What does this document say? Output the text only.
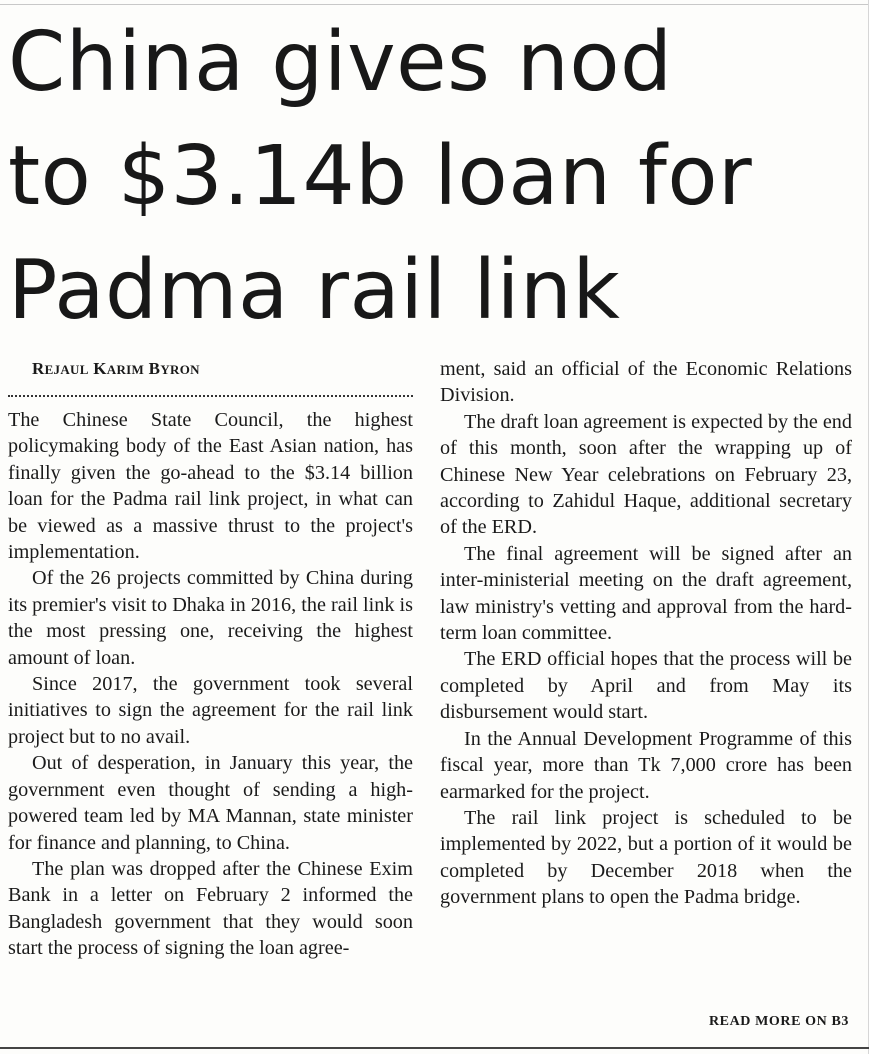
China gives nod
to $3.14b loan for
Padma rail link

REJAUL KARIM BYRON

The Chinese State Council, the highest policymaking body of the East Asian nation, has finally given the go-ahead to the $3.14 billion loan for the Padma rail link project, in what can be viewed as a massive thrust to the project's implementation.

Of the 26 projects committed by China during its premier's visit to Dhaka in 2016, the rail link is the most pressing one, receiving the highest amount of loan.

Since 2017, the government took several initiatives to sign the agreement for the rail link project but to no avail.

Out of desperation, in January this year, the government even thought of sending a high-powered team led by MA Mannan, state minister for finance and planning, to China.

The plan was dropped after the Chinese Exim Bank in a letter on February 2 informed the Bangladesh government that they would soon start the process of signing the loan agree-

ment, said an official of the Economic Relations Division.

The draft loan agreement is expected by the end of this month, soon after the wrapping up of Chinese New Year celebrations on February 23, according to Zahidul Haque, additional secretary of the ERD.

The final agreement will be signed after an inter-ministerial meeting on the draft agreement, law ministry's vetting and approval from the hard-term loan committee.

The ERD official hopes that the process will be completed by April and from May its disbursement would start.

In the Annual Development Programme of this fiscal year, more than Tk 7,000 crore has been earmarked for the project.

The rail link project is scheduled to be implemented by 2022, but a portion of it would be completed by December 2018 when the government plans to open the Padma bridge.

READ MORE ON B3
